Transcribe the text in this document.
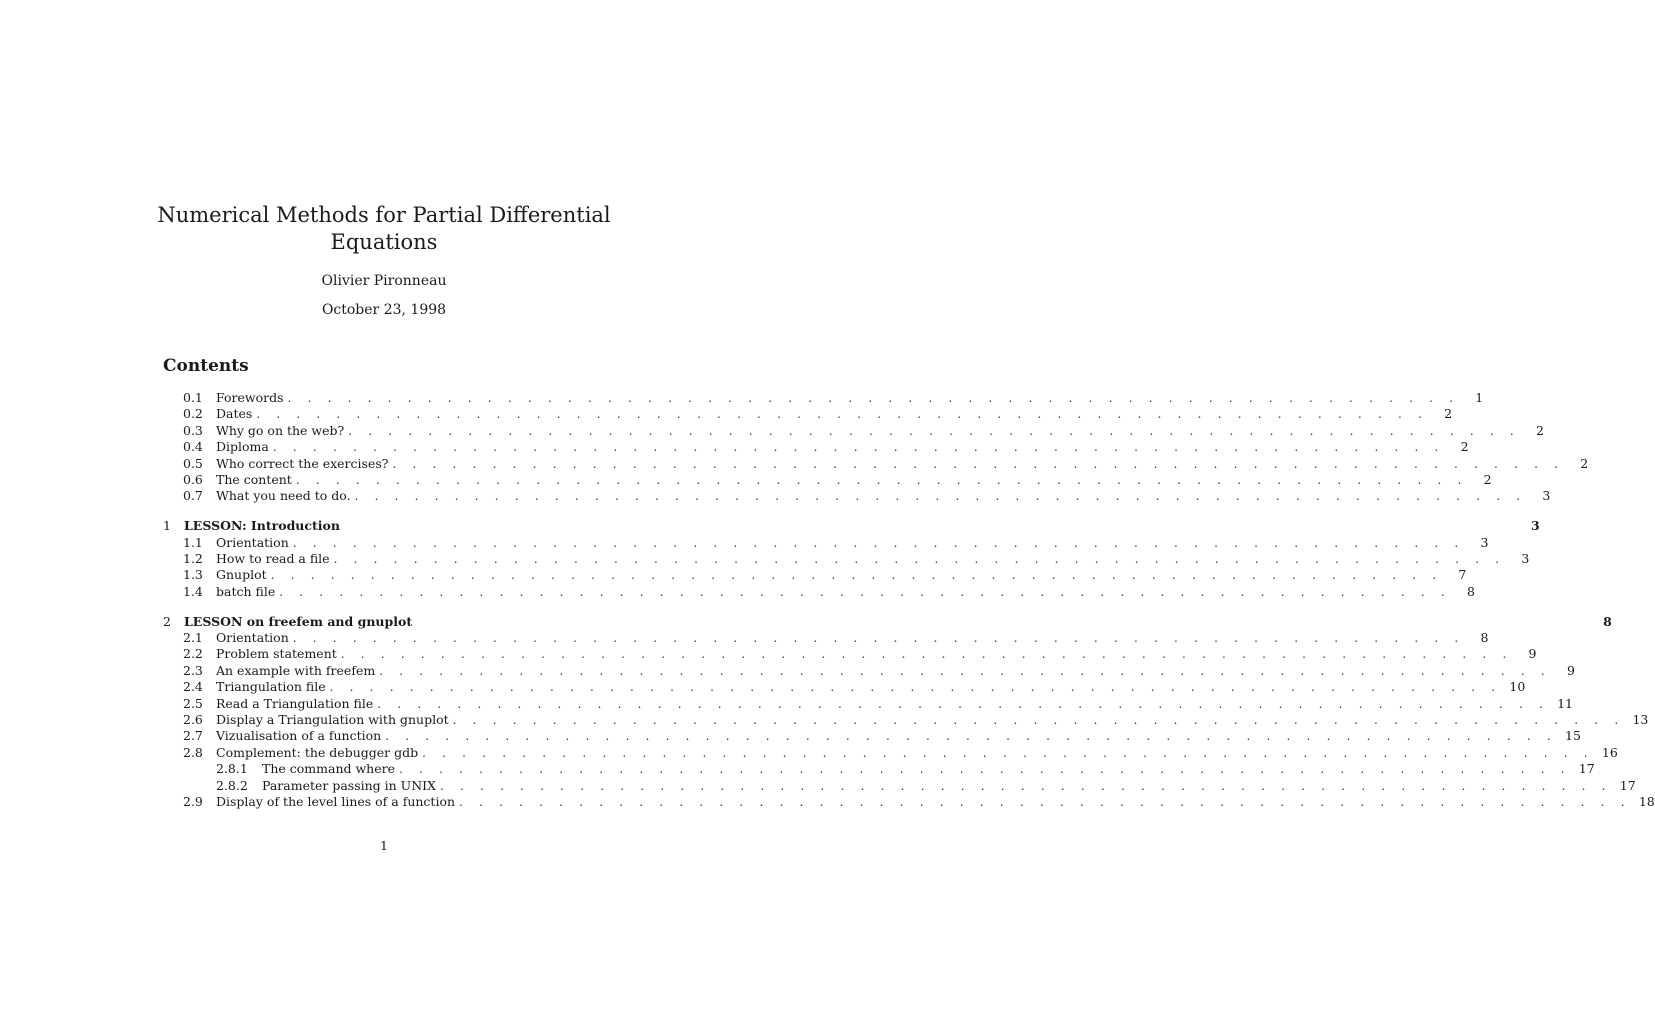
Numerical Methods for Partial Differential
Equations
Olivier Pironneau
October 23, 1998
Contents
0.1	Forewords . . . . . . . . . . . . . . . . . . . . . . . . . . . . . . . . . . . . . . . . . . . . . . . . . . . . . . . . . . .	1
0.2	Dates . . . . . . . . . . . . . . . . . . . . . . . . . . . . . . . . . . . . . . . . . . . . . . . . . . . . . . . . . . .	2
0.3	Why go on the web? . . . . . . . . . . . . . . . . . . . . . . . . . . . . . . . . . . . . . . . . . . . . . . . . . . . . . . . . . . .	2
0.4	Diploma . . . . . . . . . . . . . . . . . . . . . . . . . . . . . . . . . . . . . . . . . . . . . . . . . . . . . . . . . . .	2
0.5	Who correct the exercises? . . . . . . . . . . . . . . . . . . . . . . . . . . . . . . . . . . . . . . . . . . . . . . . . . . . . . . . . . . .	2
0.6	The content . . . . . . . . . . . . . . . . . . . . . . . . . . . . . . . . . . . . . . . . . . . . . . . . . . . . . . . . . . .	2
0.7	What you need to do. . . . . . . . . . . . . . . . . . . . . . . . . . . . . . . . . . . . . . . . . . . . . . . . . . . . . . . . . . . .	3
1	LESSON: Introduction	3
1.1	Orientation . . . . . . . . . . . . . . . . . . . . . . . . . . . . . . . . . . . . . . . . . . . . . . . . . . . . . . . . . . .	3
1.2	How to read a file . . . . . . . . . . . . . . . . . . . . . . . . . . . . . . . . . . . . . . . . . . . . . . . . . . . . . . . . . . .	3
1.3	Gnuplot . . . . . . . . . . . . . . . . . . . . . . . . . . . . . . . . . . . . . . . . . . . . . . . . . . . . . . . . . . .	7
1.4	batch file . . . . . . . . . . . . . . . . . . . . . . . . . . . . . . . . . . . . . . . . . . . . . . . . . . . . . . . . . . .	8
2	LESSON on freefem and gnuplot	8
2.1	Orientation . . . . . . . . . . . . . . . . . . . . . . . . . . . . . . . . . . . . . . . . . . . . . . . . . . . . . . . . . . .	8
2.2	Problem statement . . . . . . . . . . . . . . . . . . . . . . . . . . . . . . . . . . . . . . . . . . . . . . . . . . . . . . . . . . .	9
2.3	An example with freefem . . . . . . . . . . . . . . . . . . . . . . . . . . . . . . . . . . . . . . . . . . . . . . . . . . . . . . . . . . .	9
2.4	Triangulation file . . . . . . . . . . . . . . . . . . . . . . . . . . . . . . . . . . . . . . . . . . . . . . . . . . . . . . . . . . . 10
2.5	Read a Triangulation file . . . . . . . . . . . . . . . . . . . . . . . . . . . . . . . . . . . . . . . . . . . . . . . . . . . . . . . . . . . 11
2.6	Display a Triangulation with gnuplot . . . . . . . . . . . . . . . . . . . . . . . . . . . . . . . . . . . . . . . . . . . . . . . . . . . . . . . . . . . 13
2.7	Vizualisation of a function . . . . . . . . . . . . . . . . . . . . . . . . . . . . . . . . . . . . . . . . . . . . . . . . . . . . . . . . . . . 15
2.8	Complement: the debugger gdb . . . . . . . . . . . . . . . . . . . . . . . . . . . . . . . . . . . . . . . . . . . . . . . . . . . . . . . . . . . 16
2.8.1	The command where . . . . . . . . . . . . . . . . . . . . . . . . . . . . . . . . . . . . . . . . . . . . . . . . . . . . . . . . . . . 17
2.8.2	Parameter passing in UNIX . . . . . . . . . . . . . . . . . . . . . . . . . . . . . . . . . . . . . . . . . . . . . . . . . . . . . . . . . . . 17
2.9	Display of the level lines of a function . . . . . . . . . . . . . . . . . . . . . . . . . . . . . . . . . . . . . . . . . . . . . . . . . . . . . . . . . . . 18
1
